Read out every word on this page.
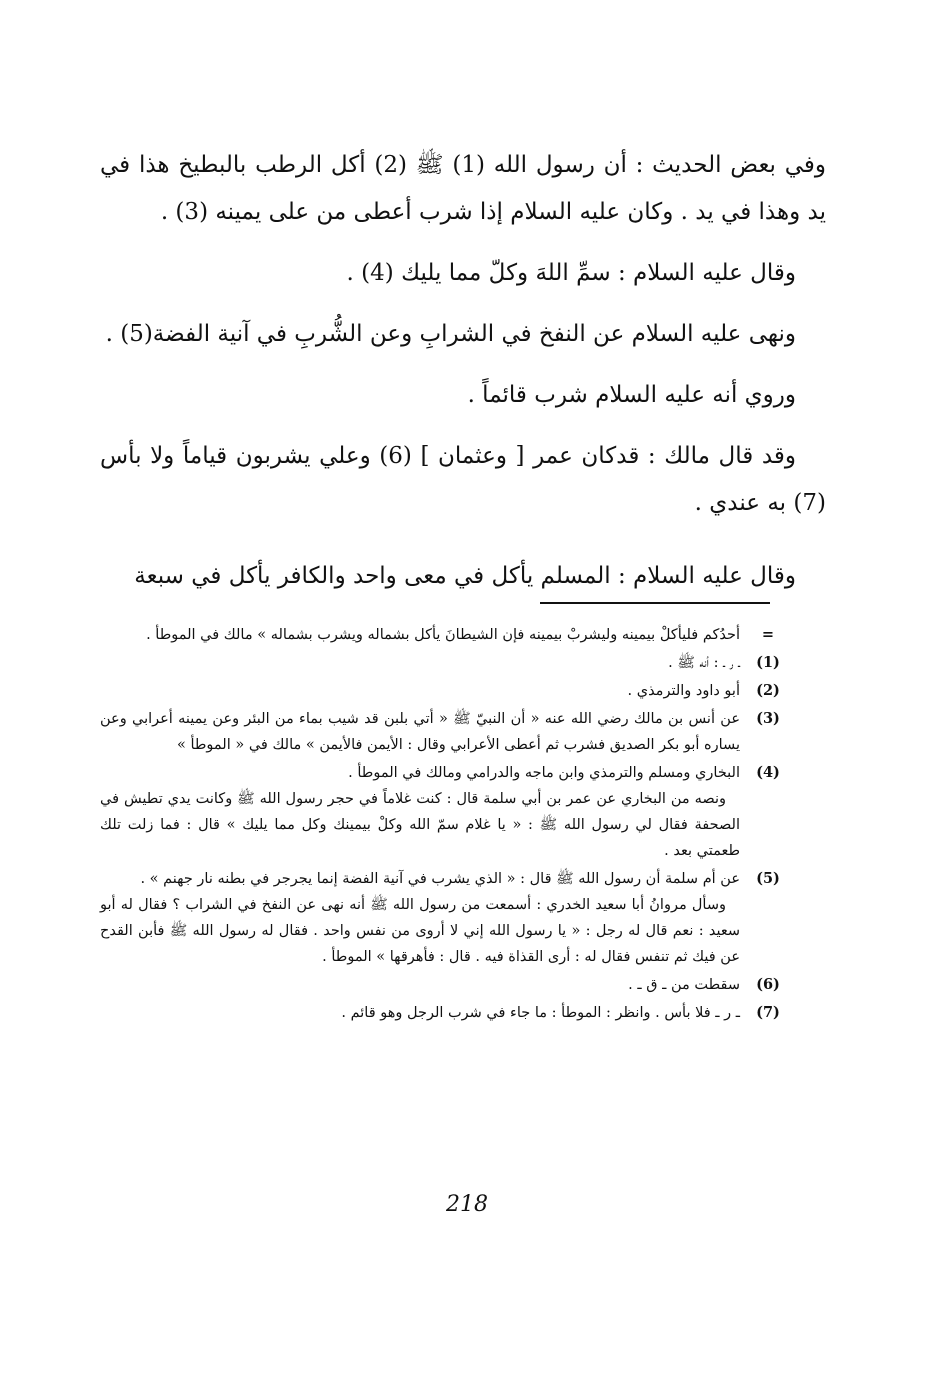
وفي بعض الحديث : أن رسول الله (1) ﷺ (2) أكل الرطب بالبطيخ هذا في يد وهذا في يد . وكان عليه السلام إذا شرب أعطى من على يمينه (3) .

وقال عليه السلام : سمِّ اللهَ وكلّ مما يليك (4) .

ونهى عليه السلام عن النفخ في الشرابِ وعن الشُّربِ في آنية الفضة(5) .

وروي أنه عليه السلام شرب قائماً .

وقد قال مالك : قدكان عمر [ وعثمان ] (6) وعلي يشربون قياماً ولا بأس (7) به عندي .

وقال عليه السلام : المسلم يأكل في معى واحد والكافر يأكل في سبعة

=
أحدُكم فليأكلْ بيمينه وليشربْ بيمينه فإن الشيطانَ يأكل بشماله ويشرب بشماله » مالك في الموطأ .
(1)
ـ ر ـ : أنه ﷺ .
(2)
أبو داود والترمذي .
(3)
عن أنس بن مالك رضي الله عنه « أن النبيّ ﷺ « أتي بلبن قد شيب بماء من البئر وعن يمينه أعرابي وعن يساره أبو بكر الصديق فشرب ثم أعطى الأعرابي وقال : الأيمن فالأيمن » مالك في « الموطأ »
(4)
البخاري ومسلم والترمذي وابن ماجه والدرامي ومالك في الموطأ .
ونصه من البخاري عن عمر بن أبي سلمة قال : كنت غلاماً في حجر رسول الله ﷺ وكانت يدي تطيش في الصحفة فقال لي رسول الله ﷺ : « يا غلام سمّ الله وكلْ بيمينك وكل مما يليك » قال : فما زلت تلك طعمتي بعد .
(5)
عن أم سلمة أن رسول الله ﷺ قال : « الذي يشرب في آنية الفضة إنما يجرجر في بطنه نار جهنم » .
وسأل مروانُ أبا سعيد الخدري : أسمعت من رسول الله ﷺ أنه نهى عن النفخ في الشراب ؟ فقال له أبو سعيد : نعم قال له رجل : « يا رسول الله إني لا أروى من نفس واحد . فقال له رسول الله ﷺ فأبن القدح عن فيك ثم تنفس فقال له : أرى القذاة فيه . قال : فأهرقها » الموطأ .
(6)
سقطت من ـ ق ـ .
(7)
ـ ر ـ فلا بأس . وانظر : الموطأ : ما جاء في شرب الرجل وهو قائم .
218
